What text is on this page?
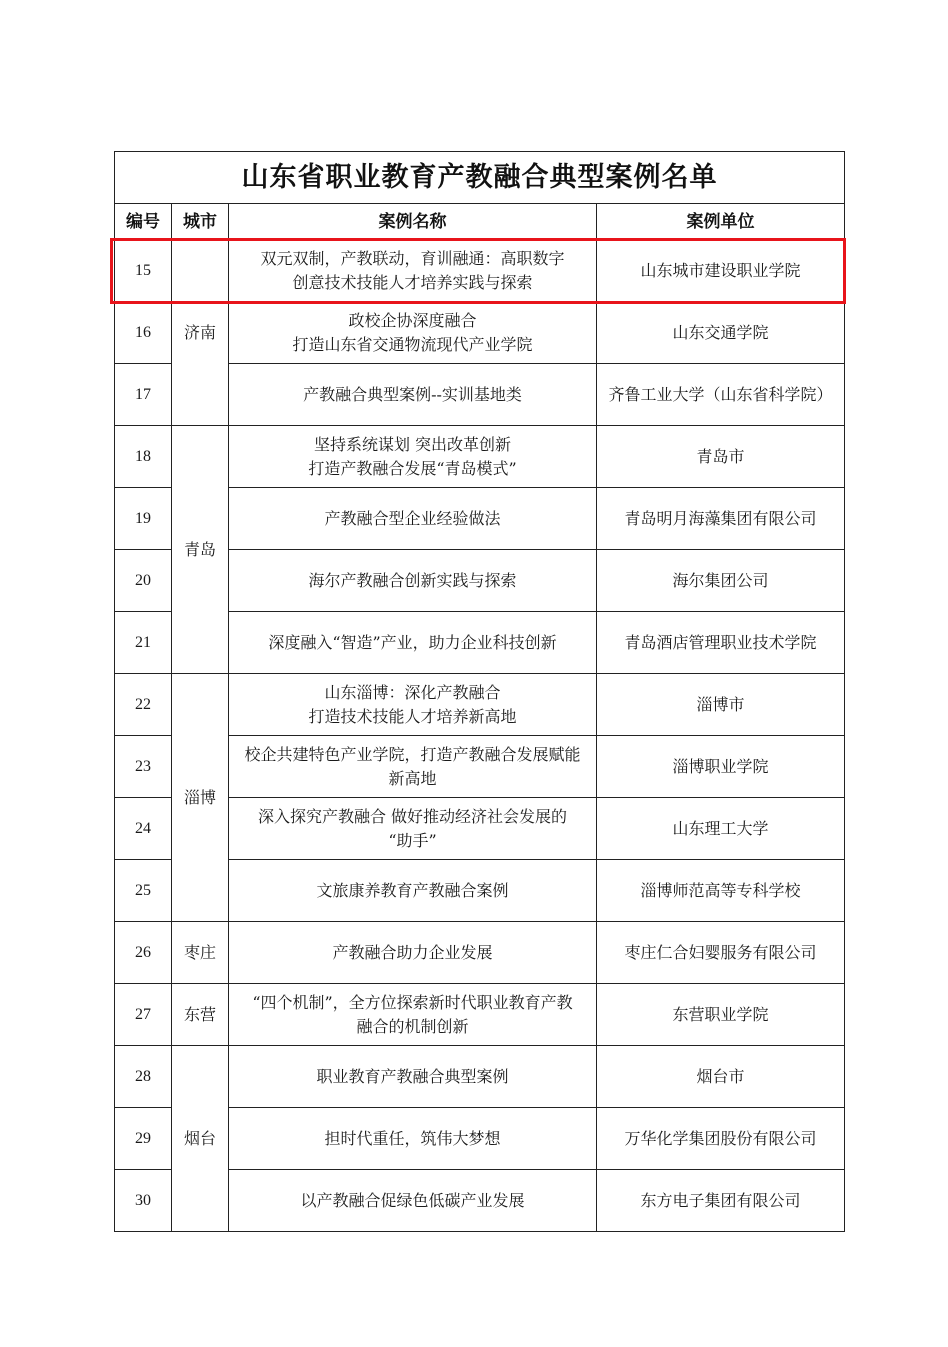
山东省职业教育产教融合典型案例名单			
编号	城市	案例名称	案例单位
15	济南	双元双制，产教联动，育训融通：高职数字
创意技术技能人才培养实践与探索	山东城市建设职业学院
16		政校企协深度融合
打造山东省交通物流现代产业学院	山东交通学院
17		产教融合典型案例--实训基地类	齐鲁工业大学（山东省科学院）
18	青岛	坚持系统谋划 突出改革创新
打造产教融合发展“青岛模式”	青岛市
19		产教融合型企业经验做法	青岛明月海藻集团有限公司
20		海尔产教融合创新实践与探索	海尔集团公司
21		深度融入“智造”产业，助力企业科技创新	青岛酒店管理职业技术学院
22	淄博	山东淄博：深化产教融合
打造技术技能人才培养新高地	淄博市
23		校企共建特色产业学院，打造产教融合发展赋能
新高地	淄博职业学院
24		深入探究产教融合 做好推动经济社会发展的
“助手”	山东理工大学
25		文旅康养教育产教融合案例	淄博师范高等专科学校
26	枣庄	产教融合助力企业发展	枣庄仁合妇婴服务有限公司
27	东营	“四个机制”，全方位探索新时代职业教育产教
融合的机制创新	东营职业学院
28	烟台	职业教育产教融合典型案例	烟台市
29		担时代重任，筑伟大梦想	万华化学集团股份有限公司
30		以产教融合促绿色低碳产业发展	东方电子集团有限公司
